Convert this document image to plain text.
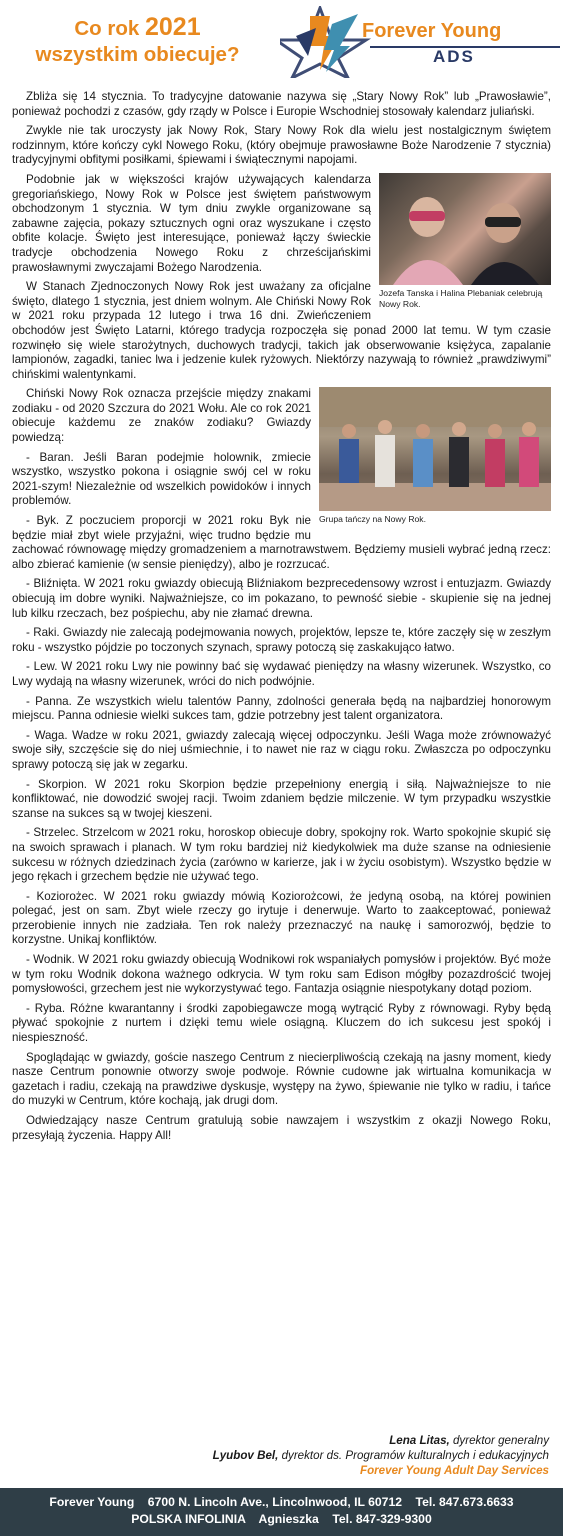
Co rok 2021
wszystkim obiecuje?
Forever Young
ADS

Zbliża się 14 stycznia. To tradycyjne datowanie nazywa się „Stary Nowy Rok” lub „Prawosławie”, ponieważ pochodzi z czasów, gdy rządy w Polsce i Europie Wschodniej stosowały kalendarz juliański.

Zwykle nie tak uroczysty jak Nowy Rok, Stary Nowy Rok dla wielu jest nostalgicznym świętem rodzinnym, które kończy cykl Nowego Roku, (który obejmuje prawosławne Boże Narodzenie 7 stycznia) tradycyjnymi obfitymi posiłkami, śpiewami i świątecznymi napojami.

Jozefa Tanska i Halina Plebaniak celebrują Nowy Rok.

Podobnie jak w większości krajów używających kalendarza gregoriańskiego, Nowy Rok w Polsce jest świętem państwowym obchodzonym 1 stycznia. W tym dniu zwykle organizowane są zabawne zajęcia, pokazy sztucznych ogni oraz wyszukane i często obfite kolacje. Święto jest interesujące, ponieważ łączy świeckie tradycje obchodzenia Nowego Roku z chrześcijańskimi prawosławnymi zwyczajami Bożego Narodzenia.

W Stanach Zjednoczonych Nowy Rok jest uważany za oficjalne święto, dlatego 1 stycznia, jest dniem wolnym. Ale Chiński Nowy Rok w 2021 roku przypada 12 lutego i trwa 16 dni. Zwieńczeniem obchodów jest Święto Latarni, którego tradycja rozpoczęła się ponad 2000 lat temu. W tym czasie rozwinęło się wiele starożytnych, duchowych tradycji, takich jak obserwowanie księżyca, zapalanie lampionów, zagadki, taniec lwa i jedzenie kulek ryżowych. Niektórzy nazywają to również „prawdziwymi” chińskimi walentynkami.

Grupa tańczy na Nowy Rok.

Chiński Nowy Rok oznacza przejście między znakami zodiaku - od 2020 Szczura do 2021 Wołu. Ale co rok 2021 obiecuje każdemu ze znaków zodiaku? Gwiazdy powiedzą:

- Baran. Jeśli Baran podejmie holownik, zmiecie wszystko, wszystko pokona i osiągnie swój cel w roku 2021-szym! Niezależnie od wszelkich powidoków i innych problemów.

- Byk. Z poczuciem proporcji w 2021 roku Byk nie będzie miał zbyt wiele przyjaźni, więc trudno będzie mu zachować równowagę między gromadzeniem a marnotrawstwem. Będziemy musieli wybrać jedną rzecz: albo zbierać kamienie (w sensie pieniędzy), albo je rozrzucać.

- Bliźnięta. W 2021 roku gwiazdy obiecują Bliźniakom bezprecedensowy wzrost i entuzjazm. Gwiazdy obiecują im dobre wyniki. Najważniejsze, co im pokazano, to pewność siebie - skupienie się na jednej lub kilku rzeczach, bez pośpiechu, aby nie złamać drewna.

- Raki. Gwiazdy nie zalecają podejmowania nowych, projektów, lepsze te, które zaczęły się w zeszłym roku - wszystko pójdzie po toczonych szynach, sprawy potoczą się zaskakująco łatwo.

- Lew. W 2021 roku Lwy nie powinny bać się wydawać pieniędzy na własny wizerunek. Wszystko, co Lwy wydają na własny wizerunek, wróci do nich podwójnie.

- Panna. Ze wszystkich wielu talentów Panny, zdolności generała będą na najbardziej honorowym miejscu. Panna odniesie wielki sukces tam, gdzie potrzebny jest talent organizatora.

- Waga. Wadze w roku 2021, gwiazdy zalecają więcej odpoczynku. Jeśli Waga może zrównoważyć swoje siły, szczęście się do niej uśmiechnie, i to nawet nie raz w ciągu roku. Zwłaszcza po odpoczynku sprawy potoczą się jak w zegarku.

- Skorpion. W 2021 roku Skorpion będzie przepełniony energią i siłą. Najważniejsze to nie konfliktować, nie dowodzić swojej racji. Twoim zdaniem będzie milczenie. W tym przypadku wszystkie szanse na sukces są w twojej kieszeni.

- Strzelec. Strzelcom w 2021 roku, horoskop obiecuje dobry, spokojny rok. Warto spokojnie skupić się na swoich sprawach i planach. W tym roku bardziej niż kiedykolwiek ma duże szanse na odniesienie sukcesu w różnych dziedzinach życia (zarówno w karierze, jak i w życiu osobistym). Wszystko będzie w jego rękach i grzechem będzie nie używać tego.

- Koziorożec. W 2021 roku gwiazdy mówią Koziorożcowi, że jedyną osobą, na której powinien polegać, jest on sam. Zbyt wiele rzeczy go irytuje i denerwuje. Warto to zaakceptować, ponieważ przerobienie innych nie zadziała. Ten rok należy przeznaczyć na naukę i samorozwój, będzie to korzystne. Unikaj konfliktów.

- Wodnik. W 2021 roku gwiazdy obiecują Wodnikowi rok wspaniałych pomysłów i projektów. Być może w tym roku Wodnik dokona ważnego odkrycia. W tym roku sam Edison mógłby pozazdrościć twojej pomysłowości, grzechem jest nie wykorzystywać tego. Fantazja osiągnie niespotykany dotąd poziom.

- Ryba. Różne kwarantanny i środki zapobiegawcze mogą wytrącić Ryby z równowagi. Ryby będą pływać spokojnie z nurtem i dzięki temu wiele osiągną. Kluczem do ich sukcesu jest spokój i niespieszność.

Spoglądając w gwiazdy, goście naszego Centrum z niecierpliwością czekają na jasny moment, kiedy nasze Centrum ponownie otworzy swoje podwoje. Równie cudowne jak wirtualna komunikacja w gazetach i radiu, czekają na prawdziwe dyskusje, występy na żywo, śpiewanie nie tylko w radiu, i tańce do muzyki w Centrum, które kochają, jak drugi dom.

Odwiedzający nasze Centrum gratulują sobie nawzajem i wszystkim z okazji Nowego Roku, przesyłają życzenia. Happy All!

Lena Litas, dyrektor generalny
Lyubov Bel, dyrektor ds. Programów kulturalnych i edukacyjnych
Forever Young Adult Day Services
Forever Young    6700 N. Lincoln Ave., Lincolnwood, IL 60712    Tel. 847.673.6633
POLSKA INFOLINIA    Agnieszka    Tel. 847-329-9300
